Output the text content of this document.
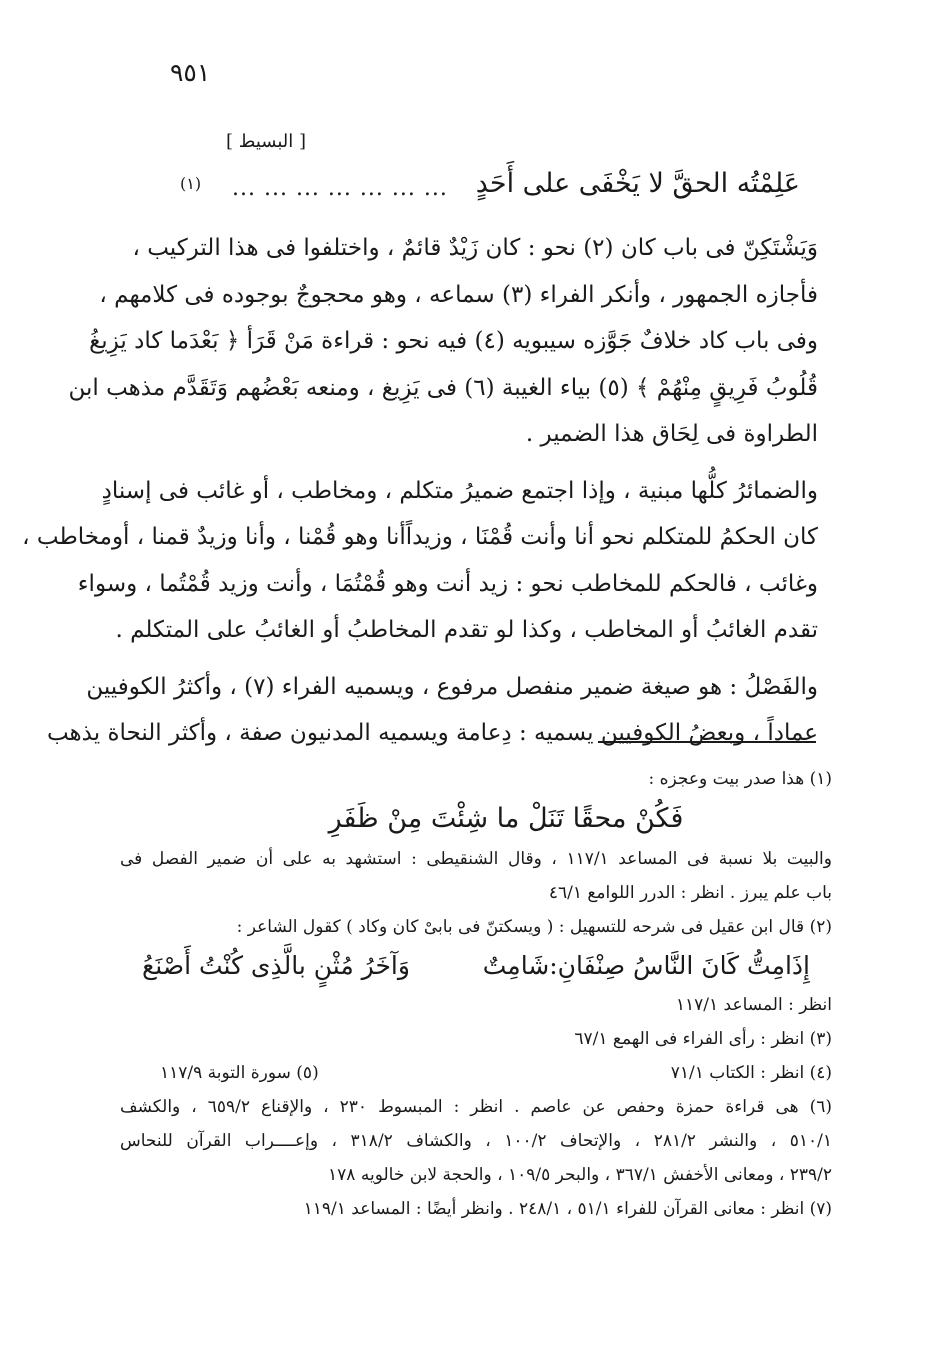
٩٥١
[ البسيط ]
عَلِمْتُه الحقَّ لا يَخْفَى على أَحَدٍ
... ... ... ... ... ... ...
(١)

وَيَشْتَكِنّ فى باب كان (٢) نحو : كان زَيْدٌ قائمٌ ، واختلفوا فى هذا التركيب ،
فأجازه الجمهور ، وأنكر الفراء (٣) سماعه ، وهو محجوجٌ بوجوده فى كلامهم ،
وفى باب كاد خلافٌ جَوَّزه سيبويه (٤) فيه نحو : قراءة مَنْ قَرَأ ﴿ بَعْدَما كاد يَزِيغُ
قُلُوبُ فَرِيقٍ مِنْهُمْ ﴾ (٥) بياء الغيبة (٦) فى يَزِيغ ، ومنعه بَعْضُهم وَتَقَدَّم مذهب ابن
الطراوة فى لِحَاق هذا الضمير .

والضمائرُ كلُّها مبنية ، وإذا اجتمع ضميرُ متكلم ، ومخاطب ، أو غائب فى إسنادٍ
كان الحكمُ للمتكلم نحو أنا وأنت قُمْنَا ، وزيداًأنا وهو قُمْنا ، وأنا وزيدٌ قمنا ، أومخاطب ،
وغائب ، فالحكم للمخاطب نحو : زيد أنت وهو قُمْتُمَا ، وأنت وزيد قُمْتُما ، وسواء
تقدم الغائبُ أو المخاطب ، وكذا لو تقدم المخاطبُ أو الغائبُ على المتكلم .

والفَصْلُ : هو صيغة ضمير منفصل مرفوع ، ويسميه الفراء (٧) ، وأكثرُ الكوفيين
عماداً ، وبعضُ الكوفيين يسميه : دِعامة ويسميه المدنيون صفة ، وأكثر النحاة يذهب

(١) هذا صدر بيت وعجزه :
فَكُنْ محقًا تَنَلْ ما شِئْتَ مِنْ ظَفَرِ
والبيت بلا نسبة فى المساعد ١١٧/١ ، وقال الشنقيطى : استشهد به على أن ضمير الفصل فى
باب علم يبرز . انظر : الدرر اللوامع ٤٦/١
(٢) قال ابن عقيل فى شرحه للتسهيل : ( ويسكتنّ فى بابىْ كان وكاد ) كقول الشاعر :
إِذَامِتُّ كَانَ النَّاسُ صِنْفَانِ:شَامِتٌ
وَآخَرُ مُثْنٍ بالَّذِى كُنْتُ أَصْنَعُ
انظر : المساعد ١١٧/١
(٣) انظر : رأى الفراء فى الهمع ٦٧/١
(٤) انظر : الكتاب ٧١/١
(٥) سورة التوبة ١١٧/٩
(٦) هى قراءة حمزة وحفص عن عاصم . انظر : المبسوط ٢٣٠ ، والإقناع ٦٥٩/٢ ، والكشف
٥١٠/١ ، والنشر ٢٨١/٢ ، والإتحاف ١٠٠/٢ ، والكشاف ٣١٨/٢ ، وإعــــراب القرآن للنحاس
٢٣٩/٢ ، ومعانى الأخفش ٣٦٧/١ ، والبحر ١٠٩/٥ ، والحجة لابن خالويه ١٧٨
(٧) انظر : معانى القرآن للفراء ٥١/١ ، ٢٤٨/١ . وانظر أيضًا : المساعد ١١٩/١
